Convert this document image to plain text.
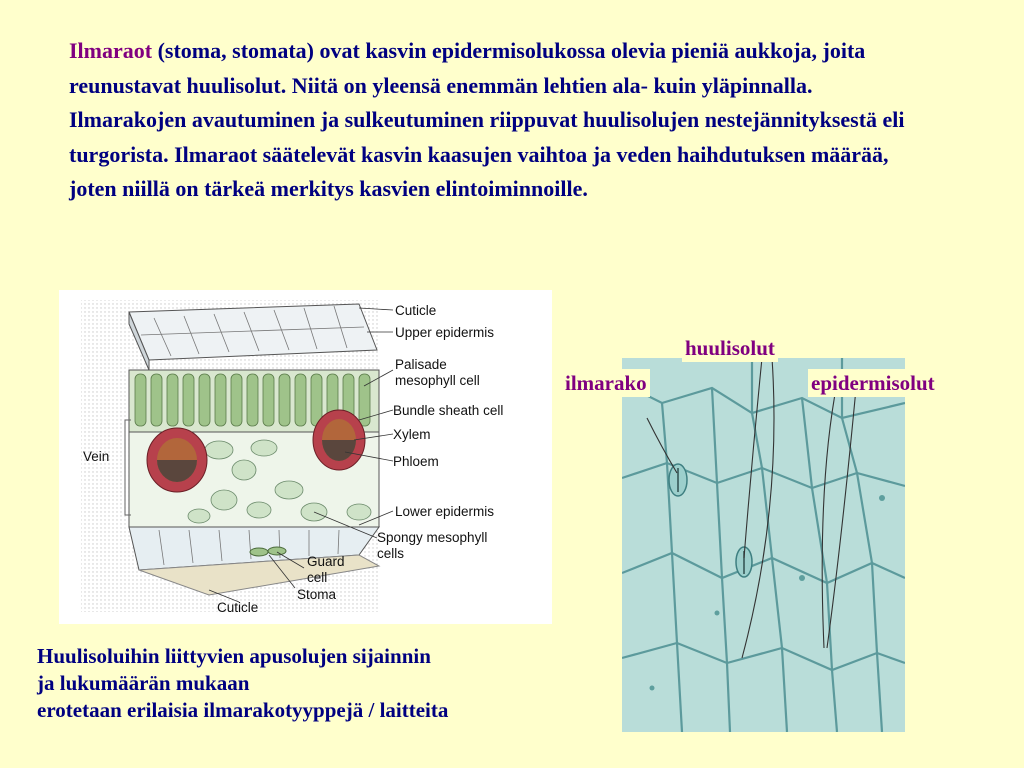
Ilmaraot (stoma, stomata) ovat kasvin epidermisolukossa olevia pieniä aukkoja, joita reunustavat huulisolut. Niitä on yleensä enemmän lehtien ala- kuin yläpinnalla. Ilmarakojen avautuminen ja sulkeutuminen riippuvat huulisolujen nestejännityksestä eli turgorista. Ilmaraot säätelevät kasvin kaasujen vaihtoa ja veden haihdutuksen määrää, joten niillä on tärkeä merkitys kasvien elintoiminnoille.
Cuticle
Upper epidermis
Palisade
mesophyll cell
Bundle sheath cell
Xylem
Phloem
Vein
Lower epidermis
Spongy mesophyll
cells
Guard
cell
Stoma
Cuticle
Huulisoluihin liittyvien apusolujen sijainnin
ja lukumäärän mukaan
erotetaan erilaisia ilmarakotyyppejä / laitteita
huulisolut
ilmarako	epidermisolut
